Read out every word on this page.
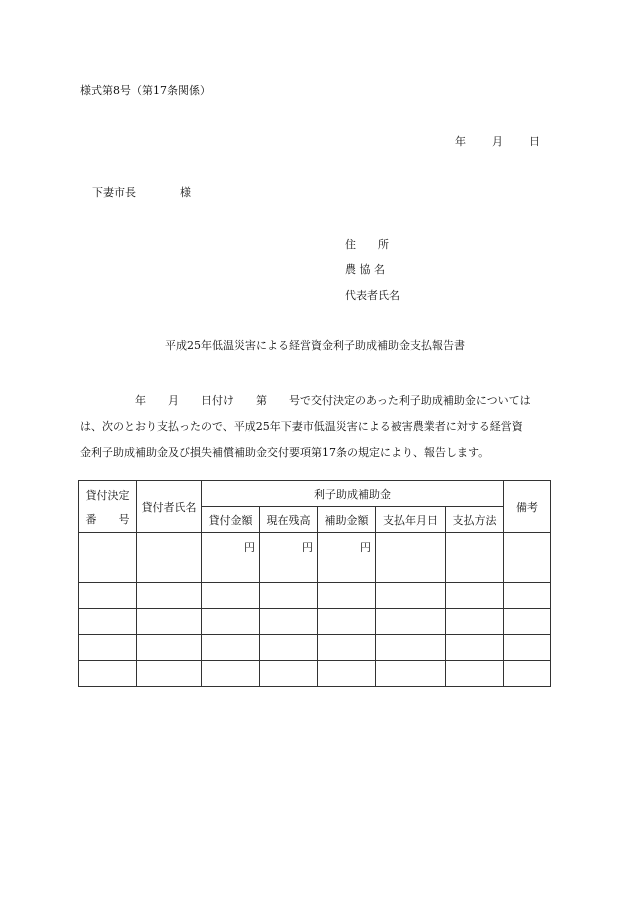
様式第8号（第17条関係）
年 月 日
下妻市長　　　　様
住　　所
農 協 名
代表者氏名
平成25年低温災害による経営資金利子助成補助金支払報告書

　　　　　年　　月　　日付け　　第　　号で交付決定のあった利子助成補助金については

は、次のとおり支払ったので、平成25年下妻市低温災害による被害農業者に対する経営資

金利子助成補助金及び損失補償補助金交付要項第17条の規定により、報告します。

貸付決定
番　　号	貸付者氏名	利子助成補助金					備考
		貸付金額	現在残高	補助金額	支払年月日	支払方法	
		円	円	円			
